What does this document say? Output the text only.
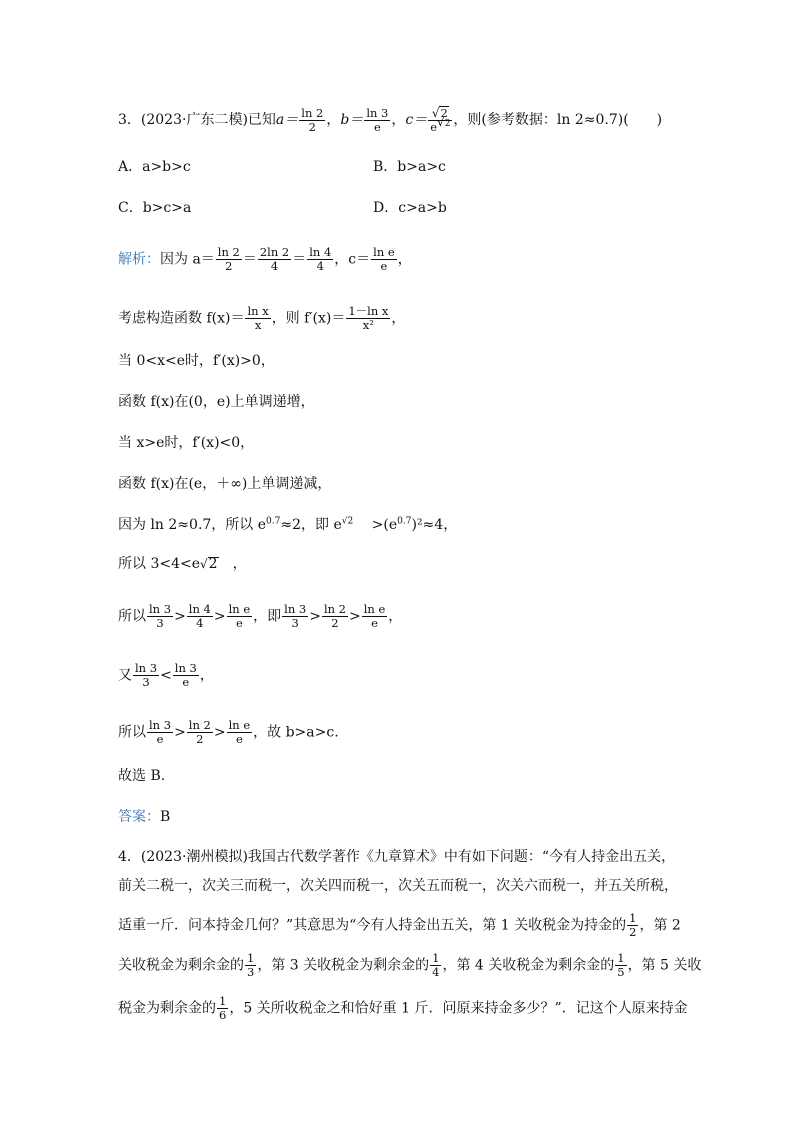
3．(2023·广东二模)已知$a= \frac{\ln 2}{2}$ ，$b= \frac{\ln 3}{e}$ ，$c= \frac{√2}{e^{√2}}$ ，则(参考数据：ln 2≈0.7)(　　)
A．a>b>c	B．b>a>c
C．b>c>a	D．c>a>b
解析：因为 $a= \frac{\ln 2}{2} = \frac{2\ln 2}{4} = \frac{\ln 4}{4}$ ，$c= \frac{\text{ln e}}{e}$ ，
考虑构造函数 $f(x)= \frac{\text{ln x}}{x}$ ，则 $f'(x)= \frac{\text{1－ln x}}{\text{x²}}$ ，
当 0<x<e时，f′(x)>0，
函数 f(x)在(0，e)上单调递增，
当 x>e时，f′(x)<0，
函数 f(x)在(e，＋∞)上单调递减，
因为 ln 2≈0.7，所以 $e^{0.7}\approx 2$，即 $e^{√2}$　 $>(e^{0.7})^2\approx 4$，
所以 3<4<e√2　，
所以 $\frac{\ln 3}{3} > \frac{\ln 4}{4} > \frac{\text{ln e}}{e}$ ，即 $\frac{\ln 3}{3} > \frac{\ln 2}{2} > \frac{\text{ln e}}{e}$ ，
又 $\frac{\ln 3}{3} < \frac{\ln 3}{e}$ ，
所以 $\frac{\ln 3}{e} > \frac{\ln 2}{2} > \frac{\text{ln e}}{e}$ ，故 b>a>c.
故选 B.
答案：B
4．(2023·潮州模拟)我国古代数学著作《九章算术》中有如下问题：“今有人持金出五关，
前关二税一，次关三而税一，次关四而税一，次关五而税一，次关六而税一，并五关所税，
适重一斤．问本持金几何？”其意思为“今有人持金出五关，第 1 关收税金为持金的 $\frac{1}{2}$ ，第 2
关收税金为剩余金的 $\frac{1}{3}$ ，第 3 关收税金为剩余金的 $\frac{1}{4}$ ，第 4 关收税金为剩余金的 $\frac{1}{5}$ ，第 5 关收
税金为剩余金的 $\frac{1}{6}$ ，5 关所收税金之和恰好重 1 斤．问原来持金多少？”．记这个人原来持金
